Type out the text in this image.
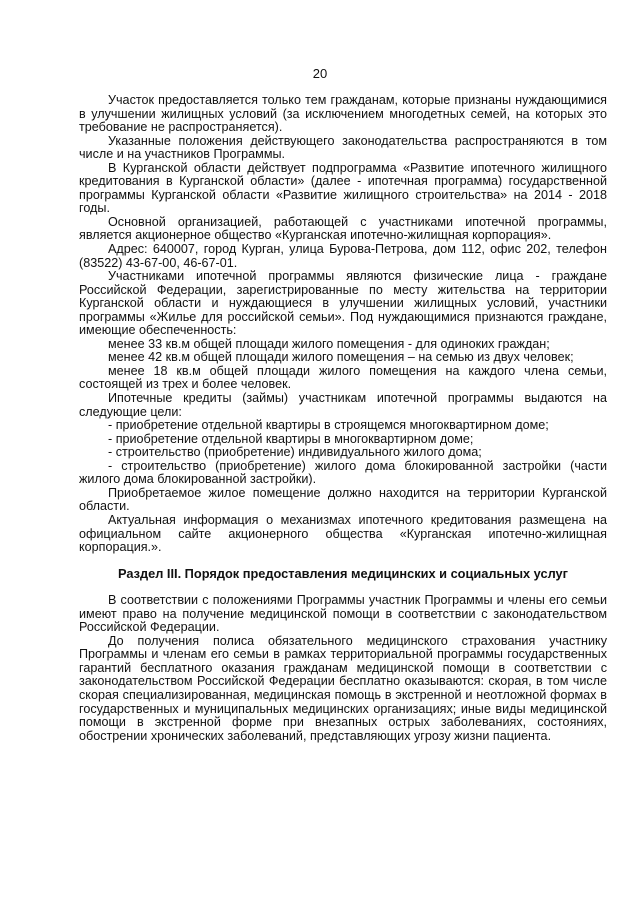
20

Участок предоставляется только тем гражданам, которые признаны нуждающимися в улучшении жилищных условий (за исключением многодетных семей, на которых это требование не распространяется).

Указанные положения действующего законодательства распространяются в том числе и на участников Программы.

В Курганской области действует подпрограмма «Развитие ипотечного жилищного кредитования в Курганской области» (далее - ипотечная программа) государственной программы Курганской области «Развитие жилищного строительства» на 2014 - 2018 годы.

Основной организацией, работающей с участниками ипотечной программы, является акционерное общество «Курганская ипотечно-жилищная корпорация».

Адрес: 640007, город Курган, улица Бурова-Петрова, дом 112, офис 202, телефон (83522) 43-67-00, 46-67-01.

Участниками ипотечной программы являются физические лица - граждане Российской Федерации, зарегистрированные по месту жительства на территории Курганской области и нуждающиеся в улучшении жилищных условий, участники программы «Жилье для российской семьи». Под нуждающимися признаются граждане, имеющие обеспеченность:

менее 33 кв.м общей площади жилого помещения - для одиноких граждан;

менее 42 кв.м общей площади жилого помещения – на семью из двух человек;

менее 18 кв.м общей площади жилого помещения на каждого члена семьи, состоящей из трех и более человек.

Ипотечные кредиты (займы) участникам ипотечной программы выдаются на следующие цели:

- приобретение отдельной квартиры в строящемся многоквартирном доме;

- приобретение отдельной квартиры в многоквартирном доме;

- строительство (приобретение) индивидуального жилого дома;

- строительство (приобретение) жилого дома блокированной застройки (части жилого дома блокированной застройки).

Приобретаемое жилое помещение должно находится на территории Курганской области.

Актуальная информация о механизмах ипотечного кредитования размещена на официальном сайте акционерного общества «Курганская ипотечно-жилищная корпорация.».

Раздел III. Порядок предоставления медицинских и социальных услуг

В соответствии с положениями Программы участник Программы и члены его семьи имеют право на получение медицинской помощи в соответствии с законодательством Российской Федерации.

До получения полиса обязательного медицинского страхования участнику Программы и членам его семьи в рамках территориальной программы государственных гарантий бесплатного оказания гражданам медицинской помощи в соответствии с законодательством Российской Федерации бесплатно оказываются: скорая, в том числе скорая специализированная, медицинская помощь в экстренной и неотложной формах в государственных и муниципальных медицинских организациях; иные виды медицинской помощи в экстренной форме при внезапных острых заболеваниях, состояниях, обострении хронических заболеваний, представляющих угрозу жизни пациента.
